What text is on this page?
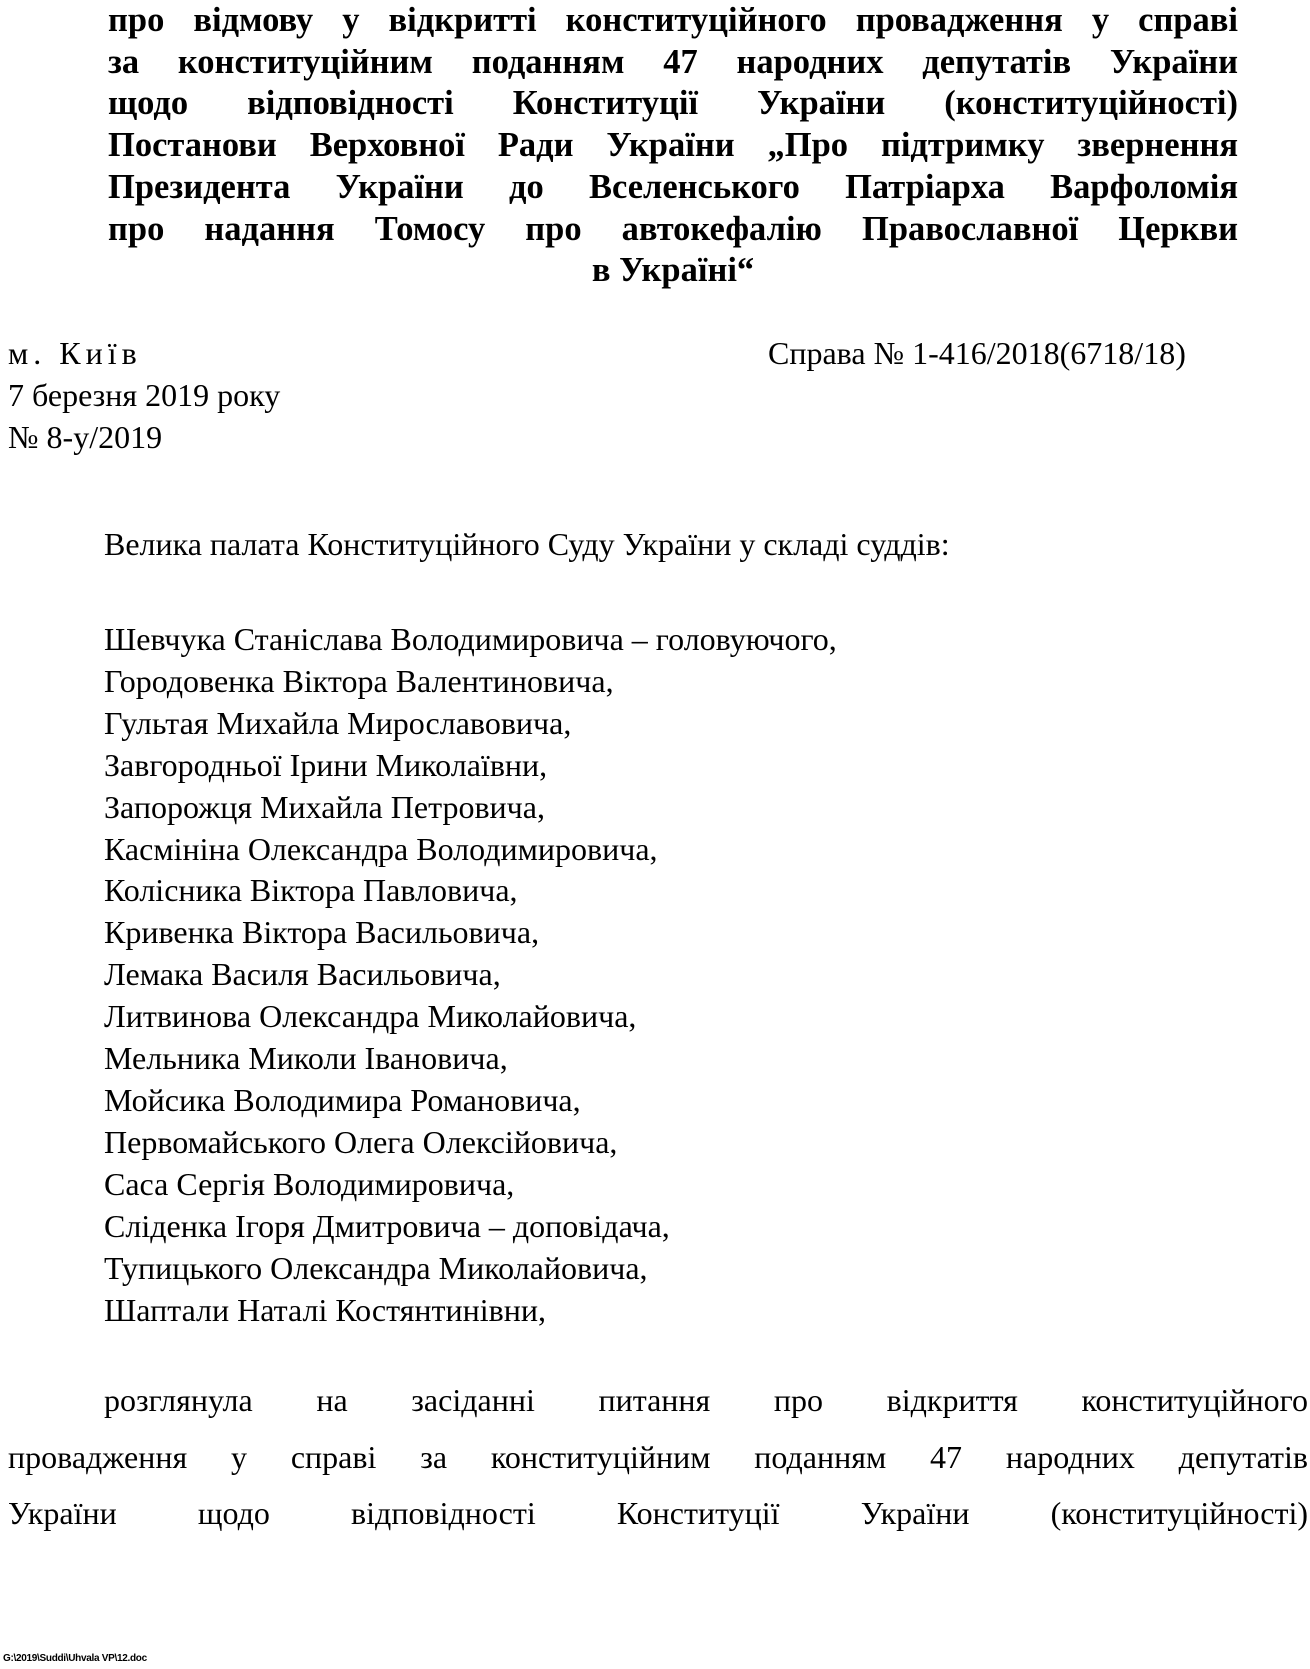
про відмову у відкритті конституційного провадження у справі
за конституційним поданням 47 народних депутатів України
щодо відповідності Конституції України (конституційності)
Постанови Верховної Ради України „Про підтримку звернення
Президента України до Вселенського Патріарха Варфоломія
про надання Томосу про автокефалію Православної Церкви
в Україні“
м. Київ
7 березня 2019 року
№ 8-у/2019
Справа № 1-416/2018(6718/18)
Велика палата Конституційного Суду України у складі суддів:
Шевчука Станіслава Володимировича – головуючого,
Городовенка Віктора Валентиновича,
Гультая Михайла Мирославовича,
Завгородньої Ірини Миколаївни,
Запорожця Михайла Петровича,
Касмініна Олександра Володимировича,
Колісника Віктора Павловича,
Кривенка Віктора Васильовича,
Лемака Василя Васильовича,
Литвинова Олександра Миколайовича,
Мельника Миколи Івановича,
Мойсика Володимира Романовича,
Первомайського Олега Олексійовича,
Саса Сергія Володимировича,
Сліденка Ігоря Дмитровича – доповідача,
Тупицького Олександра Миколайовича,
Шаптали Наталі Костянтинівни,
розглянула на засіданні питання про відкриття конституційного
провадження у справі за конституційним поданням 47 народних депутатів
України щодо відповідності Конституції України (конституційності)
G:\2019\Suddi\Uhvala VP\12.doc
